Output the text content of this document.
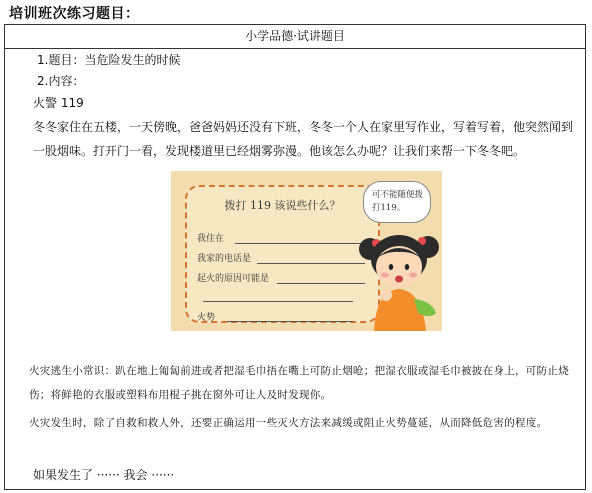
培训班次练习题目：
小学品德·试讲题目
1.题目：当危险发生的时候
2.内容：
火警 119
冬冬家住在五楼，一天傍晚，爸爸妈妈还没有下班，冬冬一个人在家里写作业，写着写着，他突然闻到一股烟味。打开门一看，发现楼道里已经烟雾弥漫。他该怎么办呢？让我们来帮一下冬冬吧。
火灾逃生小常识：趴在地上匍匐前进或者把湿毛巾捂在嘴上可防止烟呛；把湿衣服或湿毛巾被披在身上，可防止烧伤；将鲜艳的衣服或塑料布用棍子挑在窗外可让人及时发现你。
火灾发生时，除了自救和救人外，还要正确运用一些灭火方法来减缓或阻止火势蔓延，从而降低危害的程度。
如果发生了 ······ 我会 ······
拨打 119 该说些什么？
我住在
我家的电话是
起火的原因可能是
火势
可不能随便拨打119。
